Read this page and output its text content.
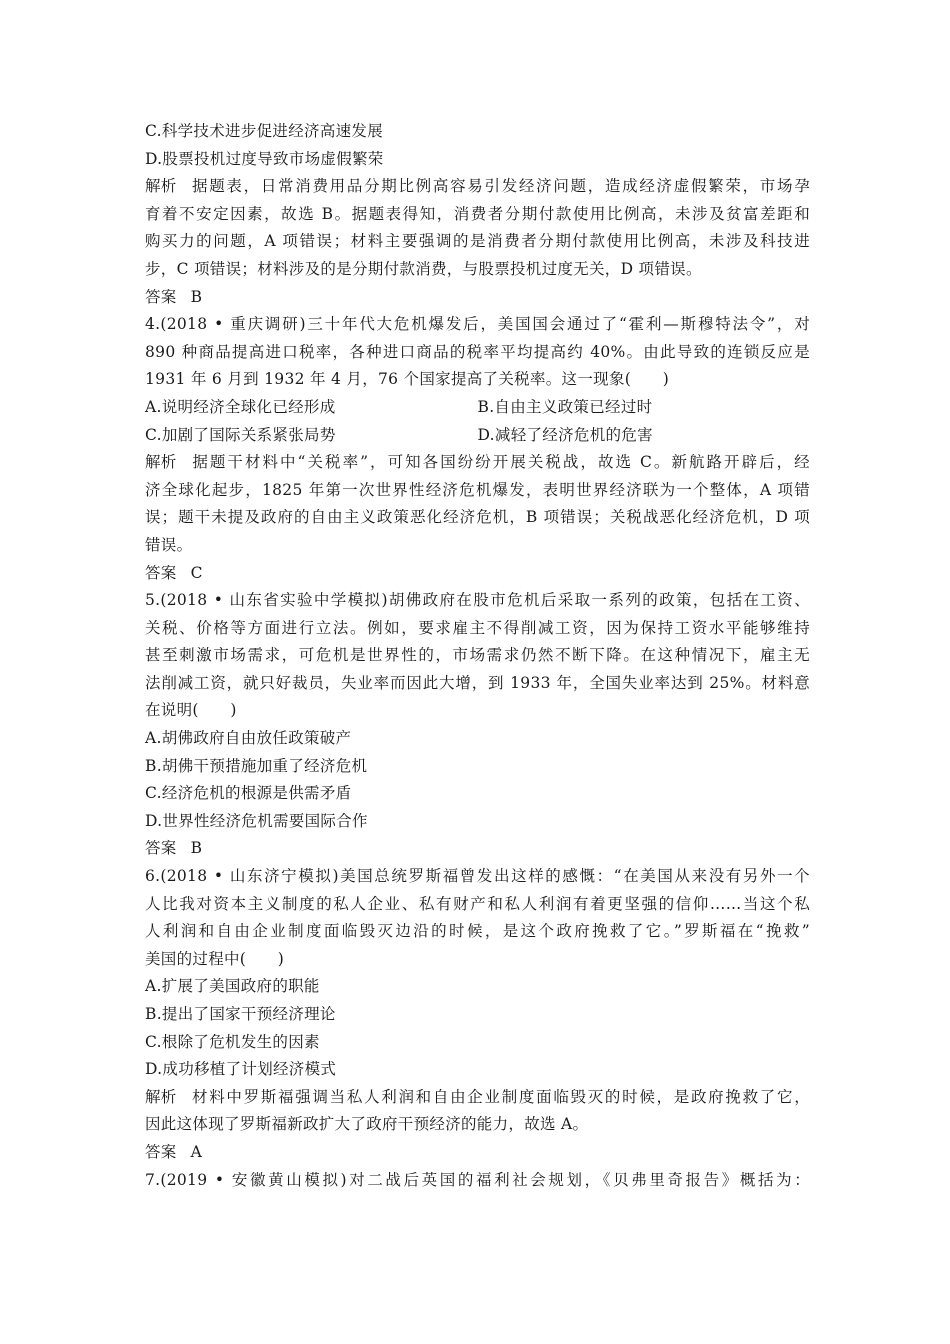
C.科学技术进步促进经济高速发展
D.股票投机过度导致市场虚假繁荣
解析 据题表，日常消费用品分期比例高容易引发经济问题，造成经济虚假繁荣，市场孕
育着不安定因素，故选 B。据题表得知，消费者分期付款使用比例高，未涉及贫富差距和
购买力的问题，A 项错误；材料主要强调的是消费者分期付款使用比例高，未涉及科技进
步，C 项错误；材料涉及的是分期付款消费，与股票投机过度无关，D 项错误。
答案 B
4.(2018 • 重庆调研)三十年代大危机爆发后，美国国会通过了“霍利—斯穆特法令”，对
890 种商品提高进口税率，各种进口商品的税率平均提高约 40%。由此导致的连锁反应是
1931 年 6 月到 1932 年 4 月，76 个国家提高了关税率。这一现象(　　)
A.说明经济全球化已经形成	B.自由主义政策已经过时
C.加剧了国际关系紧张局势	D.减轻了经济危机的危害
解析 据题干材料中“关税率”，可知各国纷纷开展关税战，故选 C。新航路开辟后，经
济全球化起步，1825 年第一次世界性经济危机爆发，表明世界经济联为一个整体，A 项错
误；题干未提及政府的自由主义政策恶化经济危机，B 项错误；关税战恶化经济危机，D 项
错误。
答案 C
5.(2018 • 山东省实验中学模拟)胡佛政府在股市危机后采取一系列的政策，包括在工资、
关税、价格等方面进行立法。例如，要求雇主不得削减工资，因为保持工资水平能够维持
甚至刺激市场需求，可危机是世界性的，市场需求仍然不断下降。在这种情况下，雇主无
法削减工资，就只好裁员，失业率而因此大增，到 1933 年，全国失业率达到 25%。材料意
在说明(　　)
A.胡佛政府自由放任政策破产
B.胡佛干预措施加重了经济危机
C.经济危机的根源是供需矛盾
D.世界性经济危机需要国际合作
答案 B
6.(2018 • 山东济宁模拟)美国总统罗斯福曾发出这样的感慨：“在美国从来没有另外一个
人比我对资本主义制度的私人企业、私有财产和私人利润有着更坚强的信仰……当这个私
人利润和自由企业制度面临毁灭边沿的时候，是这个政府挽救了它。”罗斯福在“挽救”
美国的过程中(　　)
A.扩展了美国政府的职能
B.提出了国家干预经济理论
C.根除了危机发生的因素
D.成功移植了计划经济模式
解析 材料中罗斯福强调当私人利润和自由企业制度面临毁灭的时候，是政府挽救了它，
因此这体现了罗斯福新政扩大了政府干预经济的能力，故选 A。
答案 A
7.(2019 • 安徽黄山模拟)对二战后英国的福利社会规划，《贝弗里奇报告》概括为：
